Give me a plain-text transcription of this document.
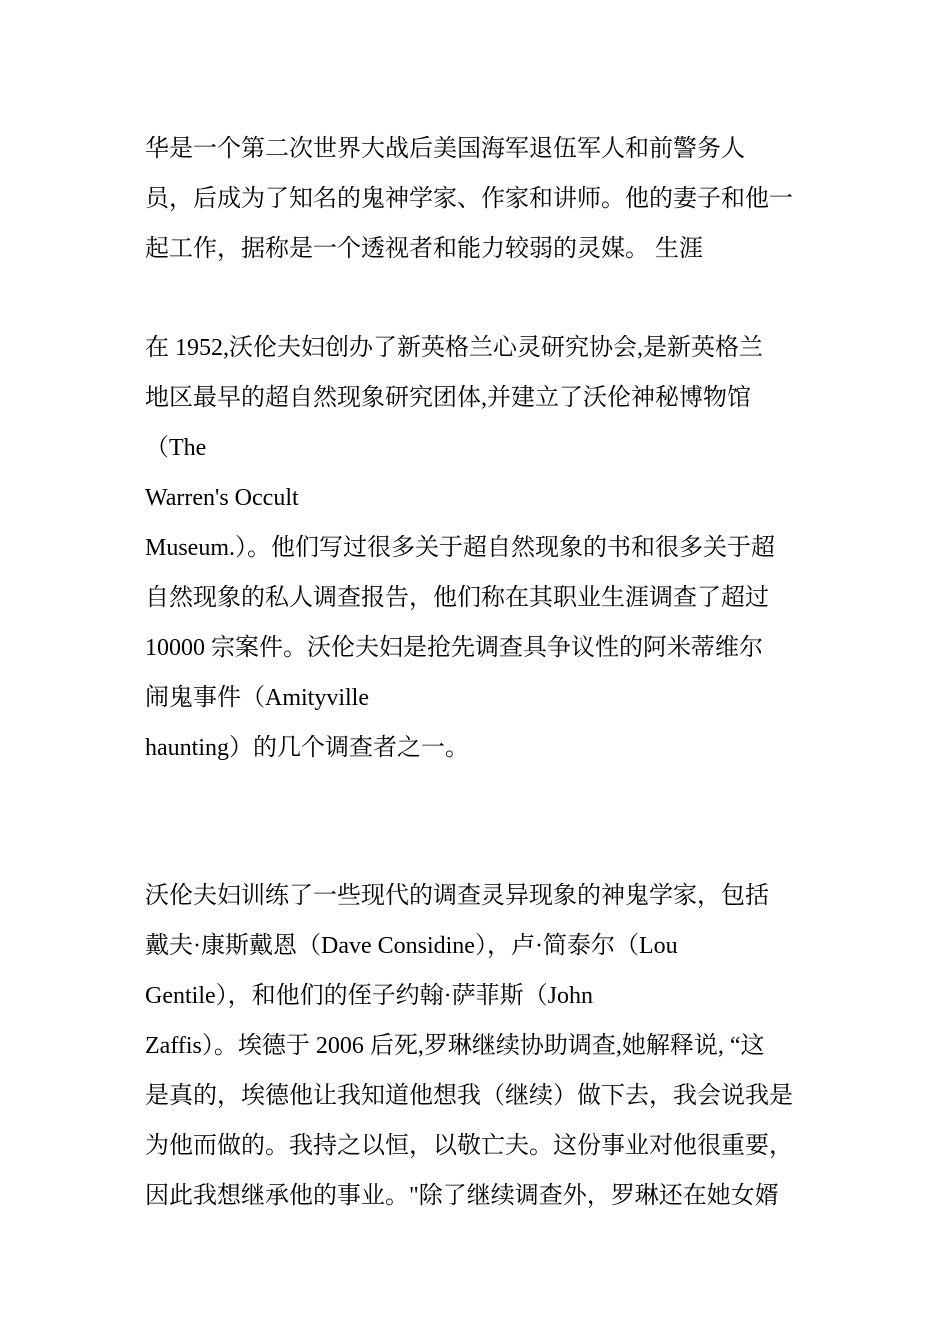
华是一个第二次世界大战后美国海军退伍军人和前警务人
员，后成为了知名的鬼神学家、作家和讲师。他的妻子和他一
起工作，据称是一个透视者和能力较弱的灵媒。 生涯
在 1952,沃伦夫妇创办了新英格兰心灵研究协会,是新英格兰
地区最早的超自然现象研究团体,并建立了沃伦神秘博物馆
（The
Warren's Occult
Museum.）。他们写过很多关于超自然现象的书和很多关于超
自然现象的私人调查报告，他们称在其职业生涯调查了超过
10000 宗案件。沃伦夫妇是抢先调查具争议性的阿米蒂维尔
闹鬼事件（Amityville
haunting）的几个调查者之一。
沃伦夫妇训练了一些现代的调查灵异现象的神鬼学家，包括
戴夫·康斯戴恩（Dave Considine），卢·简泰尔（Lou
Gentile），和他们的侄子约翰·萨菲斯（John
Zaffis）。埃德于 2006 后死,罗琳继续协助调查,她解释说, “这
是真的，埃德他让我知道他想我（继续）做下去，我会说我是
为他而做的。我持之以恒，以敬亡夫。这份事业对他很重要，
因此我想继承他的事业。"除了继续调查外，罗琳还在她女婿
